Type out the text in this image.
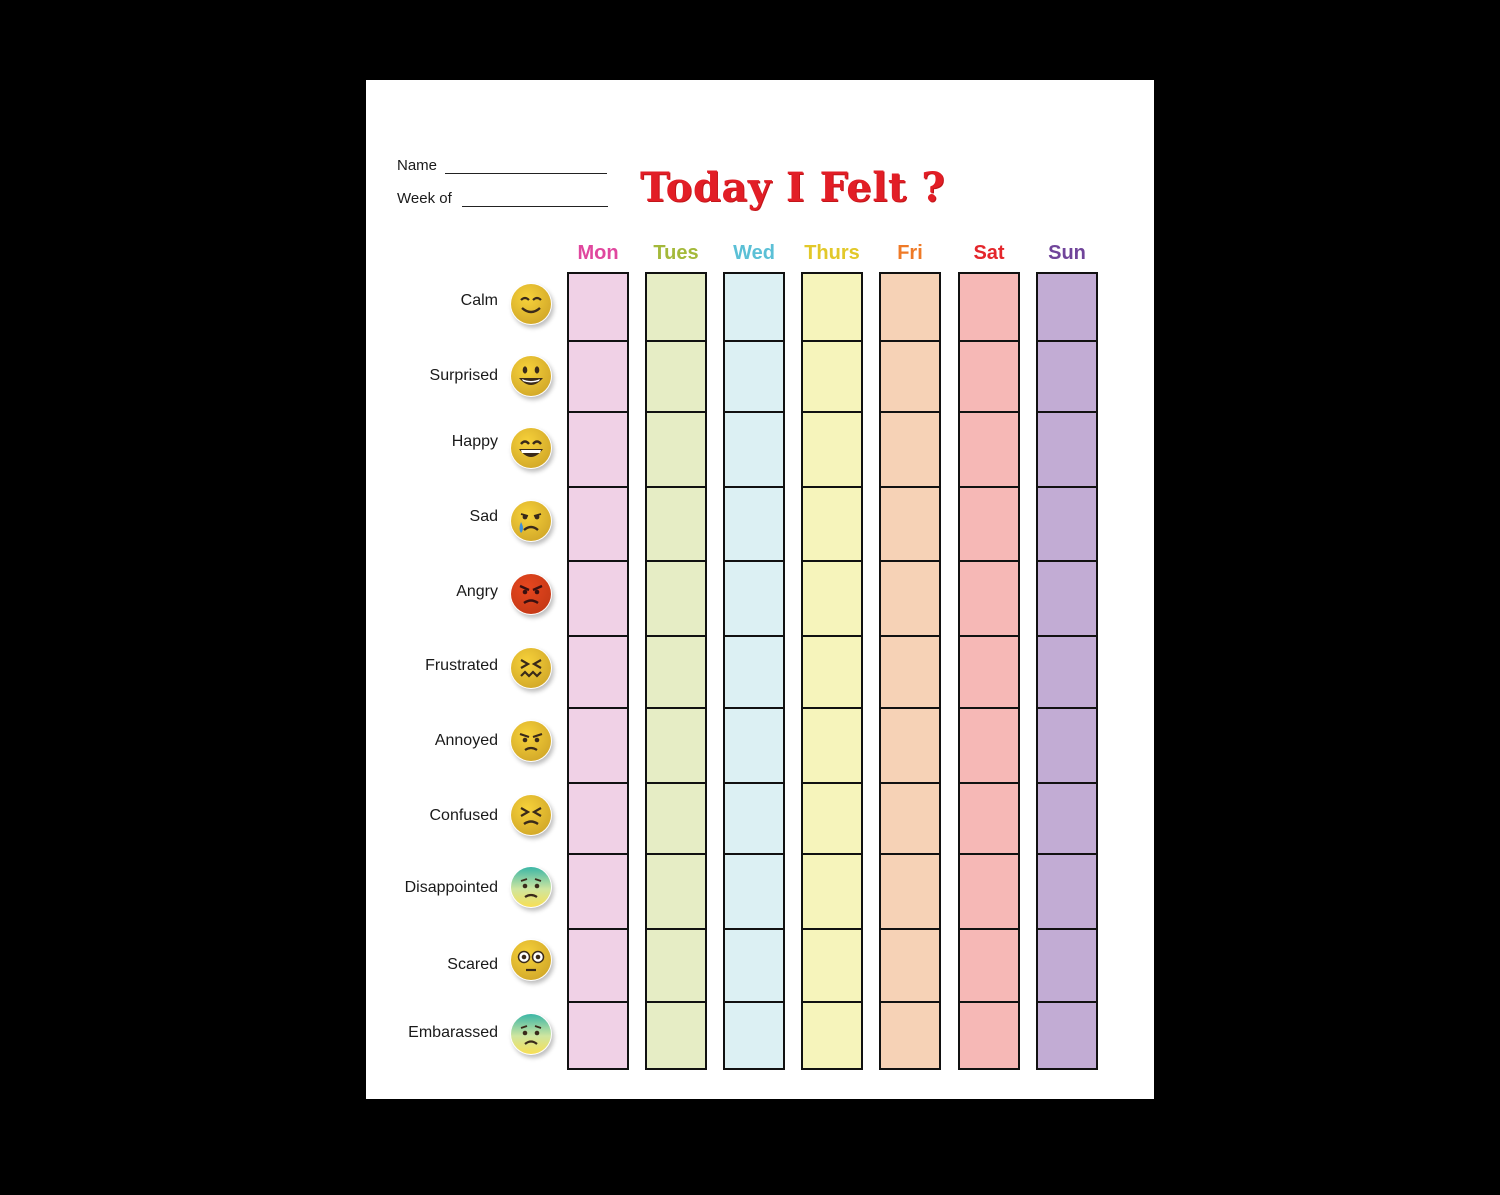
Name
Week of	Today I Felt ?
Mon	Tues	Wed	Thurs	Fri	Sat	Sun
Calm
Surprised
Happy
Sad
Angry
Frustrated
Annoyed
Confused
Disappointed
Scared
Embarassed
